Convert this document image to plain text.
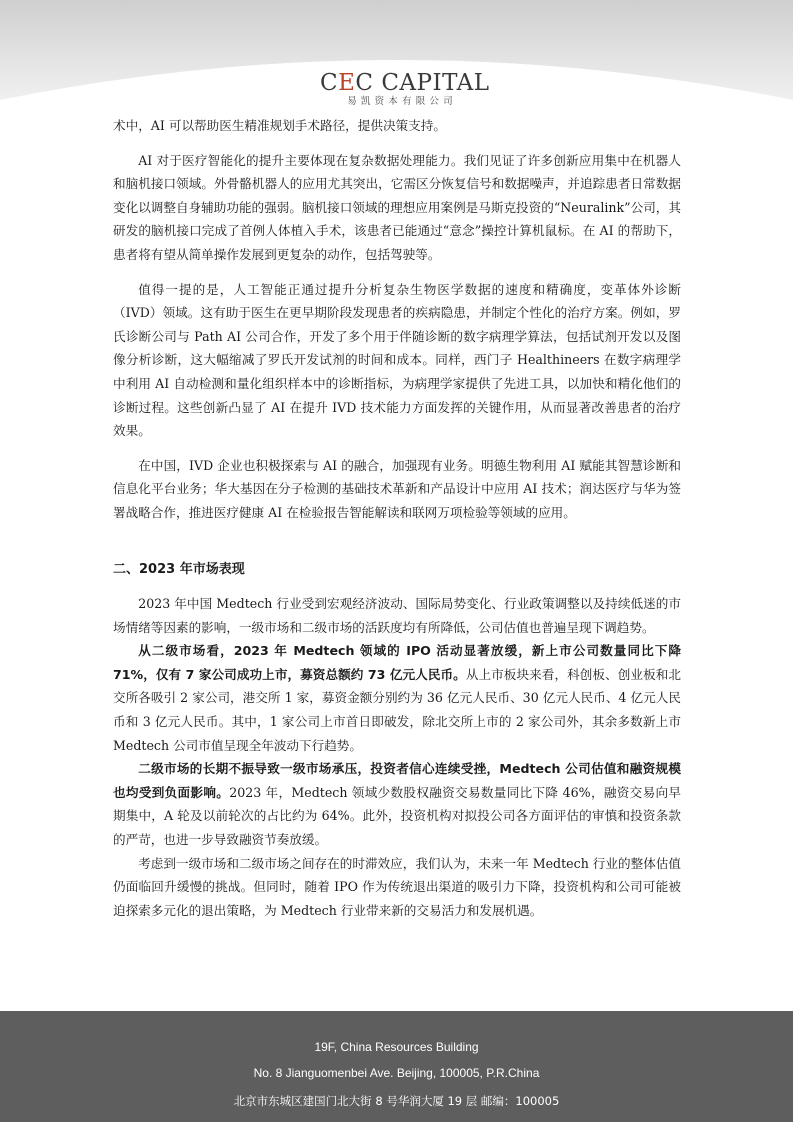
CEC CAPITAL
易凯资本有限公司

术中，AI 可以帮助医生精准规划手术路径，提供决策支持。

AI 对于医疗智能化的提升主要体现在复杂数据处理能力。我们见证了许多创新应用集中在机器人和脑机接口领域。外骨骼机器人的应用尤其突出，它需区分恢复信号和数据噪声，并追踪患者日常数据变化以调整自身辅助功能的强弱。脑机接口领域的理想应用案例是马斯克投资的“Neuralink”公司，其研发的脑机接口完成了首例人体植入手术，该患者已能通过“意念”操控计算机鼠标。在 AI 的帮助下，患者将有望从简单操作发展到更复杂的动作，包括驾驶等。

值得一提的是，人工智能正通过提升分析复杂生物医学数据的速度和精确度，变革体外诊断（IVD）领域。这有助于医生在更早期阶段发现患者的疾病隐患，并制定个性化的治疗方案。例如，罗氏诊断公司与 Path AI 公司合作，开发了多个用于伴随诊断的数字病理学算法，包括试剂开发以及图像分析诊断，这大幅缩减了罗氏开发试剂的时间和成本。同样，西门子 Healthineers 在数字病理学中利用 AI 自动检测和量化组织样本中的诊断指标，为病理学家提供了先进工具，以加快和精化他们的诊断过程。这些创新凸显了 AI 在提升 IVD 技术能力方面发挥的关键作用，从而显著改善患者的治疗效果。

在中国，IVD 企业也积极探索与 AI 的融合，加强现有业务。明德生物利用 AI 赋能其智慧诊断和信息化平台业务；华大基因在分子检测的基础技术革新和产品设计中应用 AI 技术；润达医疗与华为签署战略合作，推进医疗健康 AI 在检验报告智能解读和联网万项检验等领域的应用。

二、2023 年市场表现

2023 年中国 Medtech 行业受到宏观经济波动、国际局势变化、行业政策调整以及持续低迷的市场情绪等因素的影响，一级市场和二级市场的活跃度均有所降低，公司估值也普遍呈现下调趋势。

从二级市场看，2023 年 Medtech 领域的 IPO 活动显著放缓，新上市公司数量同比下降 71%，仅有 7 家公司成功上市，募资总额约 73 亿元人民币。从上市板块来看，科创板、创业板和北交所各吸引 2 家公司，港交所 1 家，募资金额分别约为 36 亿元人民币、30 亿元人民币、4 亿元人民币和 3 亿元人民币。其中，1 家公司上市首日即破发，除北交所上市的 2 家公司外，其余多数新上市 Medtech 公司市值呈现全年波动下行趋势。

二级市场的长期不振导致一级市场承压，投资者信心连续受挫，Medtech 公司估值和融资规模也均受到负面影响。2023 年，Medtech 领域少数股权融资交易数量同比下降 46%，融资交易向早期集中，A 轮及以前轮次的占比约为 64%。此外，投资机构对拟投公司各方面评估的审慎和投资条款的严苛，也进一步导致融资节奏放缓。

考虑到一级市场和二级市场之间存在的时滞效应，我们认为，未来一年 Medtech 行业的整体估值仍面临回升缓慢的挑战。但同时，随着 IPO 作为传统退出渠道的吸引力下降，投资机构和公司可能被迫探索多元化的退出策略，为 Medtech 行业带来新的交易活力和发展机遇。

19F, China Resources Building
No. 8 Jianguomenbei Ave. Beijing, 100005, P.R.China
北京市东城区建国门北大街 8 号华润大厦 19 层 邮编：100005
